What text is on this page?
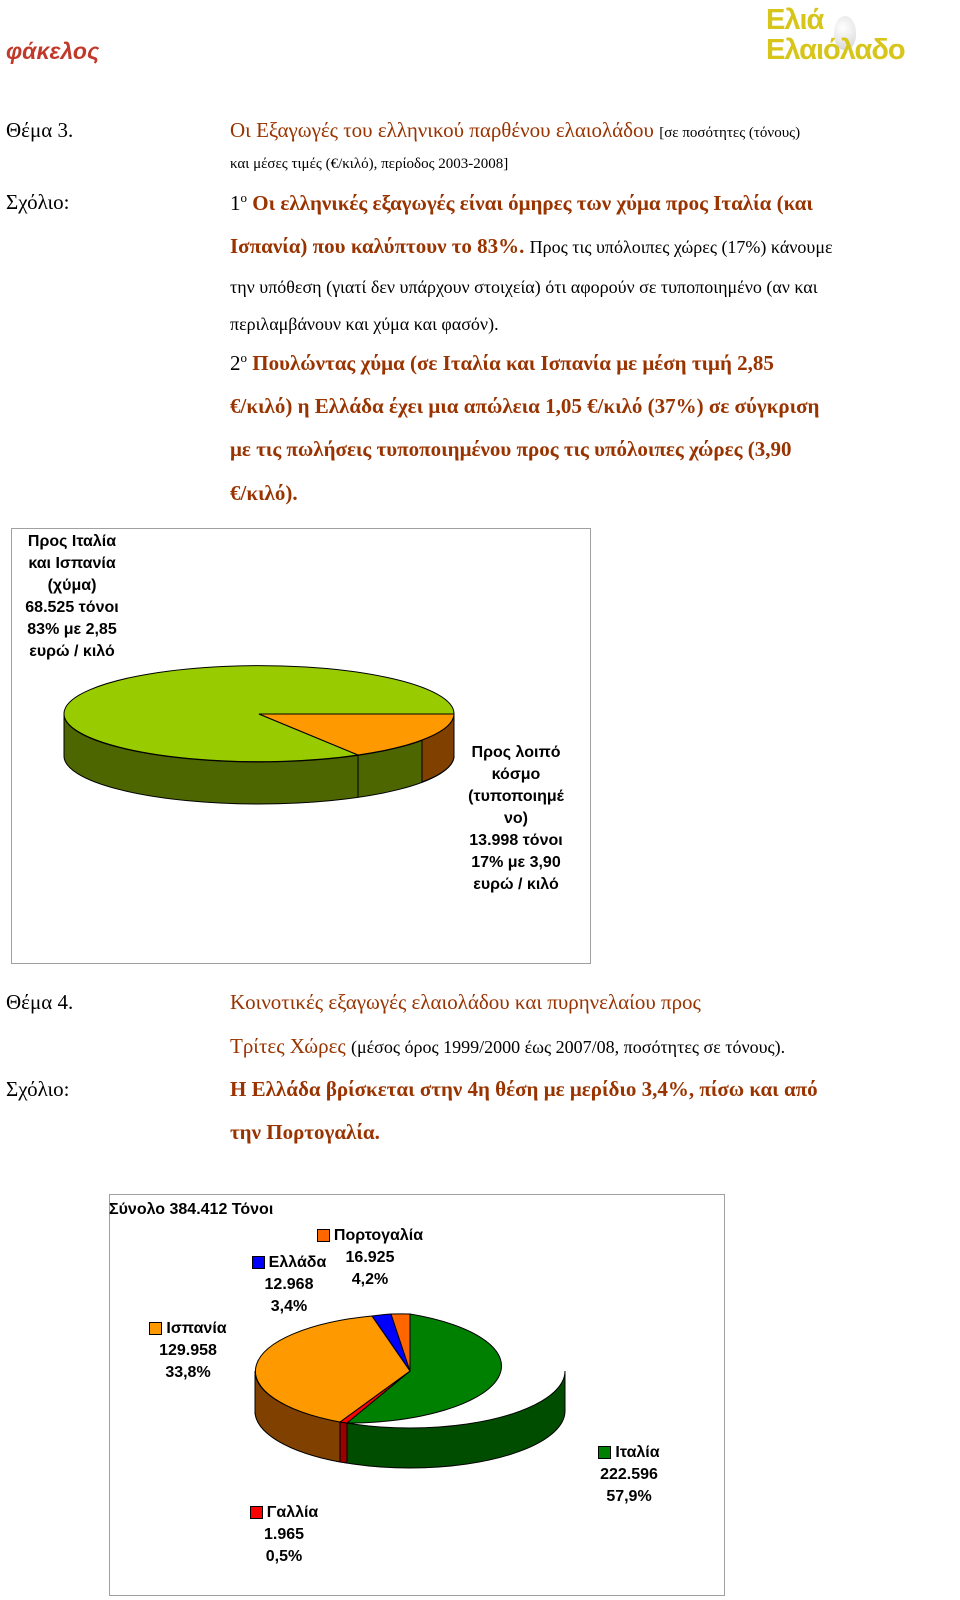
φάκελος
Ελιά
Ελαιόλαδο
Θέμα 3.	Οι Εξαγωγές του ελληνικού παρθένου ελαιολάδου [σε ποσότητες (τόνους)
και μέσες τιμές (€/κιλό), περίοδος 2003-2008]
Σχόλιο:	$1^o$ Οι ελληνικές εξαγωγές είναι όμηρες των χύμα προς Ιταλία (και
Ισπανία) που καλύπτουν το 83%. Προς τις υπόλοιπες χώρες (17%) κάνουμε
την υπόθεση (γιατί δεν υπάρχουν στοιχεία) ότι αφορούν σε τυποποιημένο (αν και
περιλαμβάνουν και χύμα και φασόν).
$2^o$ Πουλώντας χύμα (σε Ιταλία και Ισπανία με μέση τιμή 2,85
€/κιλό) η Ελλάδα έχει μια απώλεια 1,05 €/κιλό (37%) σε σύγκριση
με τις πωλήσεις τυποποιημένου προς τις υπόλοιπες χώρες (3,90
€/κιλό).
Προς Ιταλία
και Ισπανία
(χύμα)
68.525 τόνοι
83% με 2,85
ευρώ / κιλό
Προς λοιπό
κόσμο
(τυποποιημέ
νο)
13.998 τόνοι
17% με 3,90
ευρώ / κιλό
Θέμα 4.	Κοινοτικές εξαγωγές ελαιολάδου και πυρηνελαίου προς
Τρίτες Χώρες (μέσος όρος 1999/2000 έως 2007/08, ποσότητες σε τόνους).
Σχόλιο:	Η Ελλάδα βρίσκεται στην 4η θέση με μερίδιο 3,4%, πίσω και από
την Πορτογαλία.
Σύνολο 384.412 Τόνοι
Πορτογαλία
16.925
4,2%
Ελλάδα
12.968
3,4%
Ισπανία
129.958
33,8%
Ιταλία
222.596
57,9%
Γαλλία
1.965
0,5%
